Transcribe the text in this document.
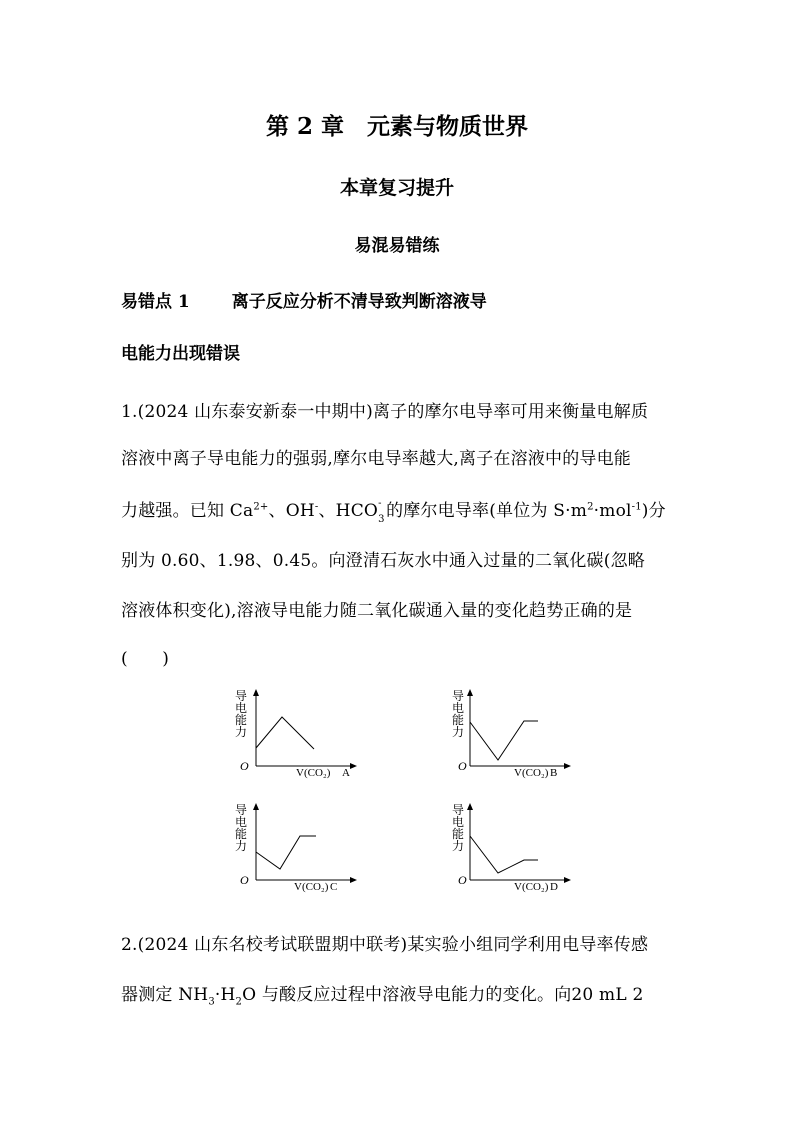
第 2 章　元素与物质世界
本章复习提升
易混易错练
易错点 1 离子反应分析不清导致判断溶液导
电能力出现错误
1.(2024 山东泰安新泰一中期中)离子的摩尔电导率可用来衡量电解质
溶液中离子导电能力的强弱,摩尔电导率越大,离子在溶液中的导电能
力越强。已知 $Ca^{2+}$、OH-、HCO -
3 的摩尔电导率(单位为 $S\cdot m^2\cdot mol^{-1}$)分
别为 0.60、1.98、0.45。向澄清石灰水中通入过量的二氧化碳(忽略
溶液体积变化),溶液导电能力随二氧化碳通入量的变化趋势正确的是
(　　)
导
电
能
力
O	V(CO₂) A
导
电
能
力
O	V(CO₂) B
导
电
能
力
O	V(CO₂) C
导
电
能
力
O	V(CO₂) D
2.(2024 山东名校考试联盟期中联考)某实验小组同学利用电导率传感
器测定 $NH_3\cdot H_2O$ 与酸反应过程中溶液导电能力的变化。向20 mL 2
